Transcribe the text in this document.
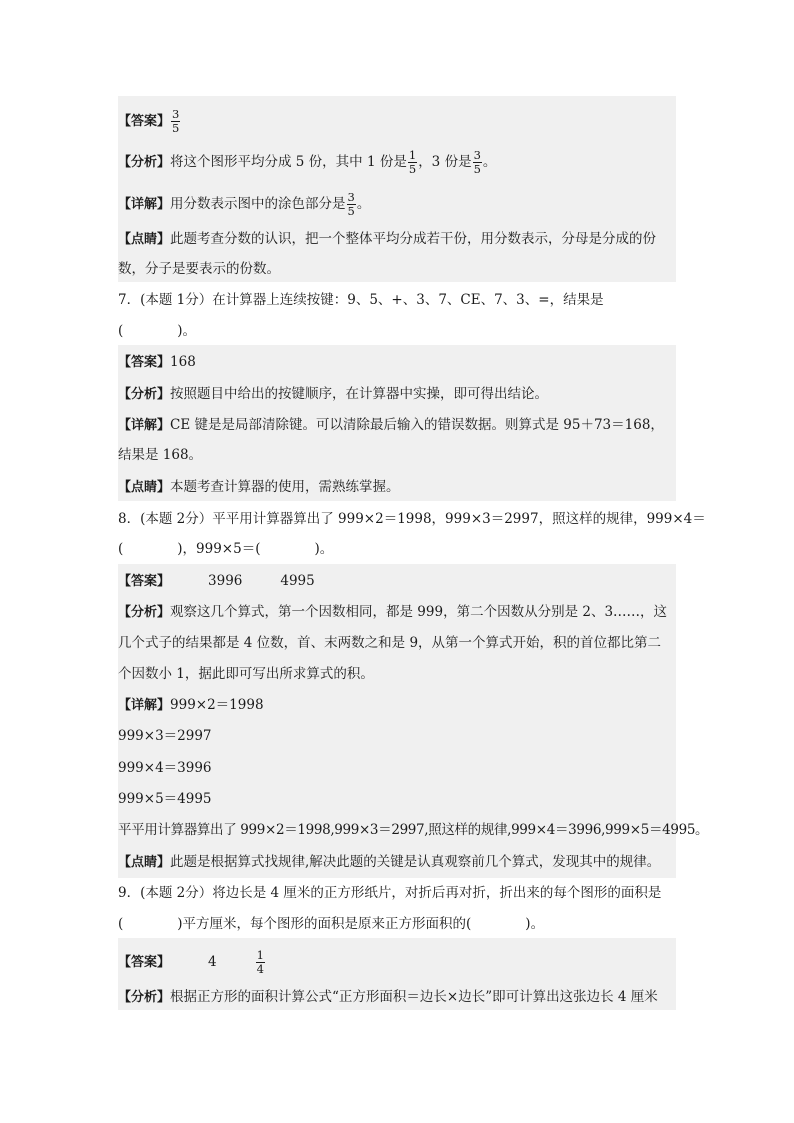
【答案】 $\frac{3}{5}$
【分析】将这个图形平均分成 5 份，其中 1 份是 $\frac{1}{5}$ ，3 份是 $\frac{3}{5}$ 。
【详解】用分数表示图中的涂色部分是 $\frac{3}{5}$ 。
【点睛】此题考查分数的认识，把一个整体平均分成若干份，用分数表示，分母是分成的份
数，分子是要表示的份数。
7．(本题 1分）在计算器上连续按键：9、5、+、3、7、CE、7、3、=，结果是
(　　　　)。
【答案】168
【分析】按照题目中给出的按键顺序，在计算器中实操，即可得出结论。
【详解】CE 键是是局部清除键。可以清除最后输入的错误数据。则算式是 95＋73＝168，
结果是 168。
【点睛】本题考查计算器的使用，需熟练掌握。
8．(本题 2分）平平用计算器算出了 999×2＝1998，999×3＝2997，照这样的规律，999×4＝
(　　　　)，999×5＝(　　　　)。
【答案】	3996	4995
【分析】观察这几个算式，第一个因数相同，都是 999，第二个因数从分别是 2、3……，这
几个式子的结果都是 4 位数，首、末两数之和是 9，从第一个算式开始，积的首位都比第二
个因数小 1，据此即可写出所求算式的积。
【详解】999×2＝1998
999×3＝2997
999×4＝3996
999×5＝4995
平平用计算器算出了 999×2＝1998,999×3＝2997,照这样的规律,999×4＝3996,999×5＝4995。
【点睛】此题是根据算式找规律,解决此题的关键是认真观察前几个算式，发现其中的规律。
9．(本题 2分）将边长是 4 厘米的正方形纸片，对折后再对折，折出来的每个图形的面积是
(　　　　)平方厘米，每个图形的面积是原来正方形面积的(　　　　)。
【答案】	4	$\frac{1}{4}$
【分析】根据正方形的面积计算公式“正方形面积＝边长×边长”即可计算出这张边长 4 厘米
